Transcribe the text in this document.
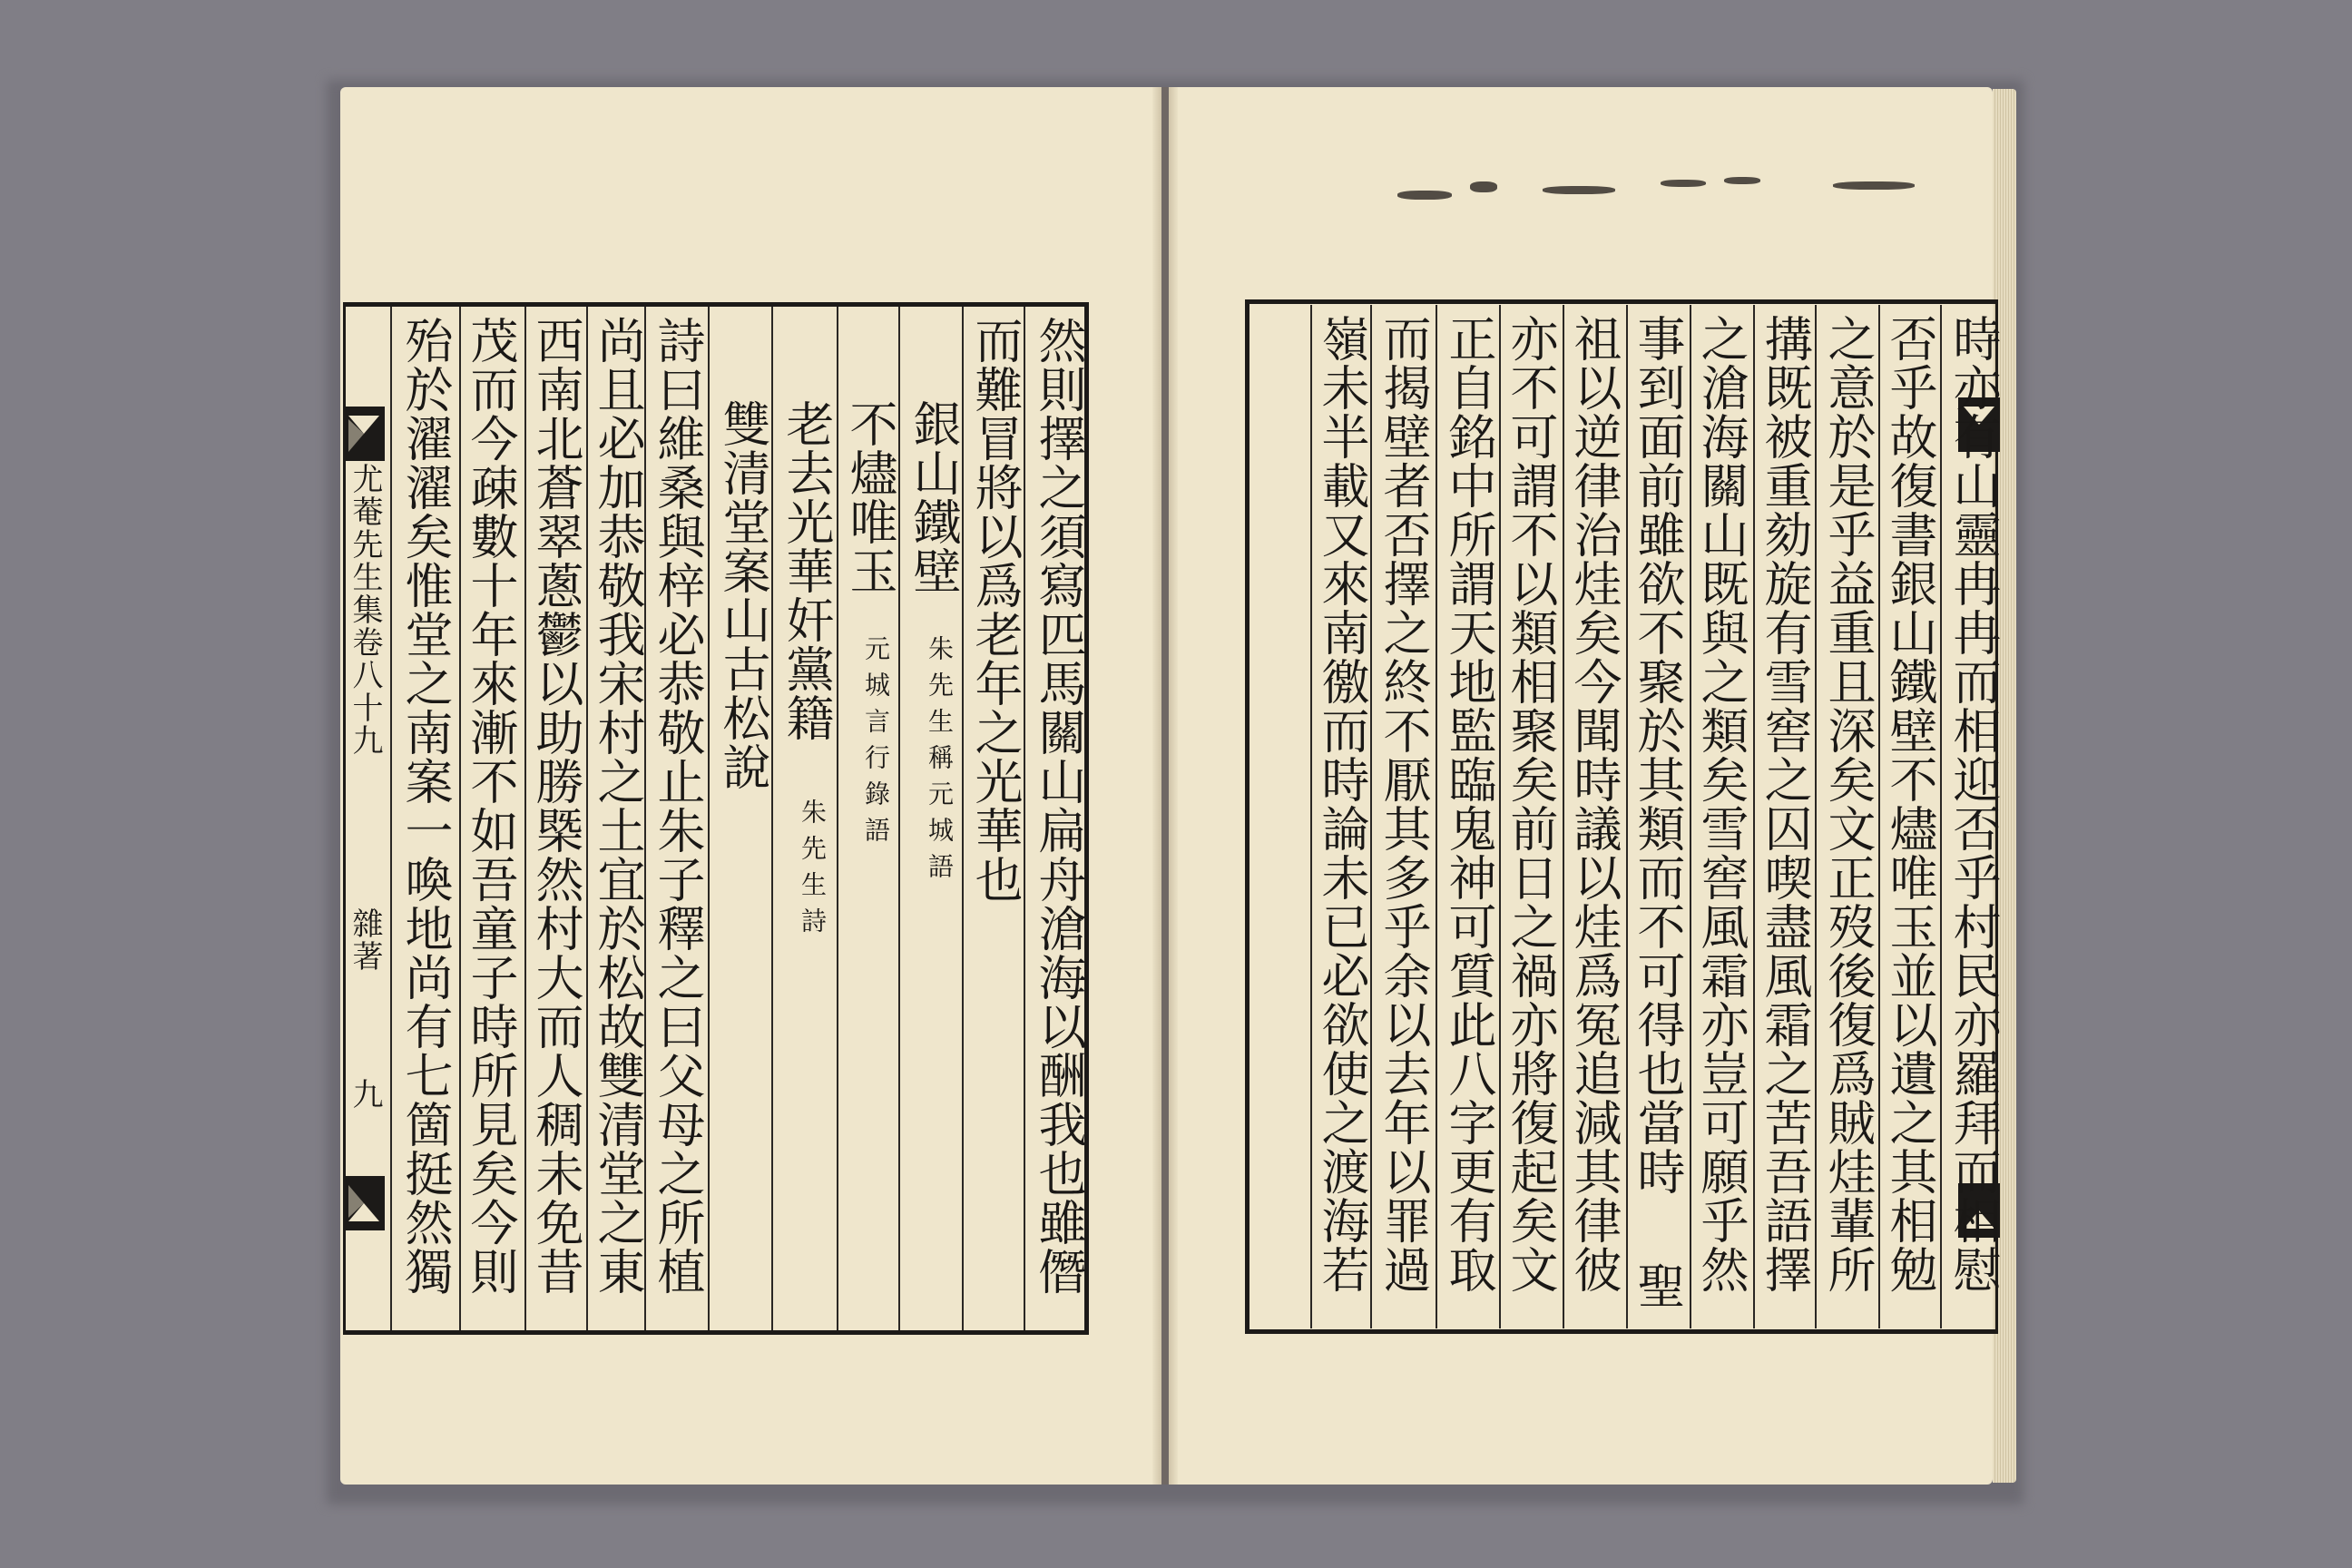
尤菴先生集卷八十九
雜著
九	然則擇之須寫匹馬關山扁舟滄海以酬我也雖僭
而難冒將以爲老年之光華也
銀山鐵壁
朱先生稱元城語
不燼唯玉
元城言行錄語
老去光華奸黨籍
朱先生詩
雙清堂案山古松說
詩曰維桑與梓必恭敬止朱子釋之曰父母之所植
尚且必加恭敬我宋村之土宜於松故雙清堂之東
西南北蒼翠蔥鬱以助勝槩然村大而人稠未免昔
茂而今疎數十年來漸不如吾童子時所見矣今則
殆於濯濯矣惟堂之南案一喚地尚有七箇挺然獨	時亦有山靈冉冉而相迎否乎村民亦羅拜而相慰
否乎故復書銀山鐵壁不燼唯玉並以遺之其相勉
之意於是乎益重且深矣文正歿後復爲賊烓輩所
搆既被重劾旋有雪窖之囚喫盡風霜之苦吾語擇
之滄海關山既與之類矣雪窖風霜亦豈可願乎然
事到面前雖欲不聚於其類而不可得也當時
聖
祖以逆律治烓矣今聞時議以烓爲冤追減其律彼
亦不可謂不以類相聚矣前日之禍亦將復起矣文
正自銘中所謂天地監臨鬼神可質此八字更有取
而揭壁者否擇之終不厭其多乎余以去年以罪過
嶺未半載又來南徼而時論未已必欲使之渡海若
